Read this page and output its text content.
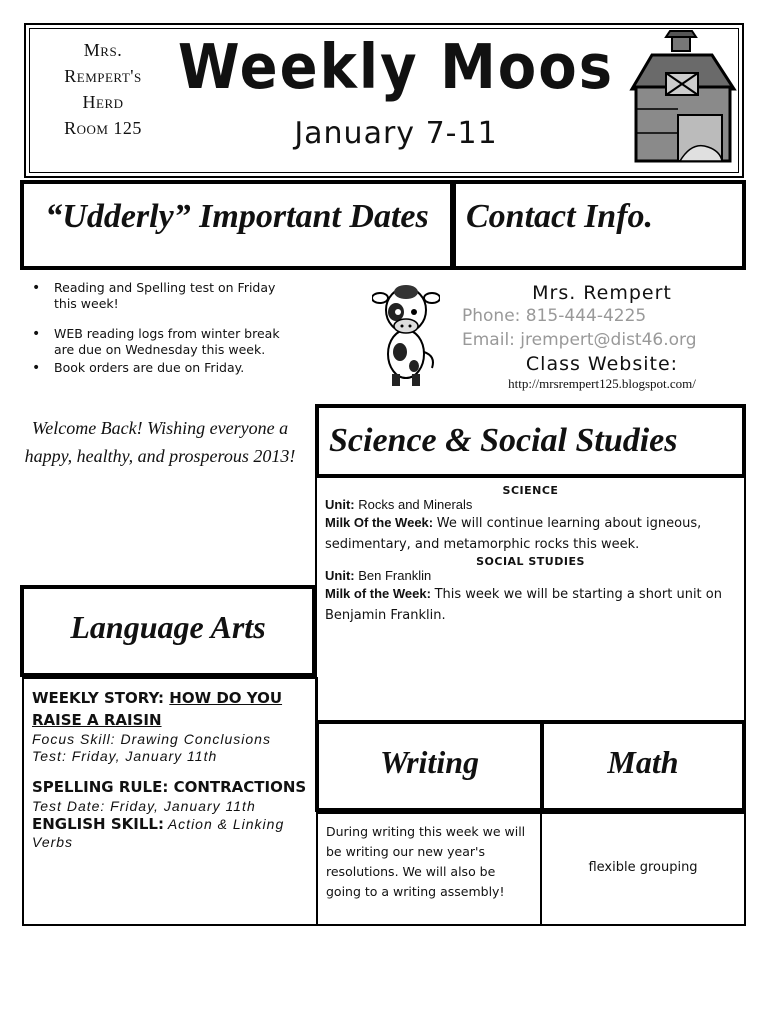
Mrs.
Rempert's
Herd
Room 125
Weekly Moos
January 7-11
“Udderly” Important Dates	Contact Info.
• Reading and Spelling test on Friday this week!
• WEB reading logs from winter break are due on Wednesday this week.
• Book orders are due on Friday.
Mrs. Rempert
Phone: 815-444-4225
Email: jrempert@dist46.org
Class Website:
http://mrsrempert125.blogspot.com/
Welcome Back! Wishing everyone a happy, healthy, and prosperous 2013! Science & Social Studies
SCIENCE
Unit: Rocks and Minerals
Milk Of the Week: We will continue learning about igneous, sedimentary, and metamorphic rocks this week.
SOCIAL STUDIES
Unit: Ben Franklin
Milk of the Week: This week we will be starting a short unit on Benjamin Franklin.
Language Arts
WEEKLY STORY: HOW DO YOU RAISE A RAISIN
Focus Skill: Drawing Conclusions
Test: Friday, January 11th
SPELLING RULE: CONTRACTIONS
Test Date: Friday, January 11th
ENGLISH SKILL: Action & Linking Verbs
Writing	Math
During writing this week we will be writing our new year's resolutions. We will also be going to a writing assembly!
flexible grouping
